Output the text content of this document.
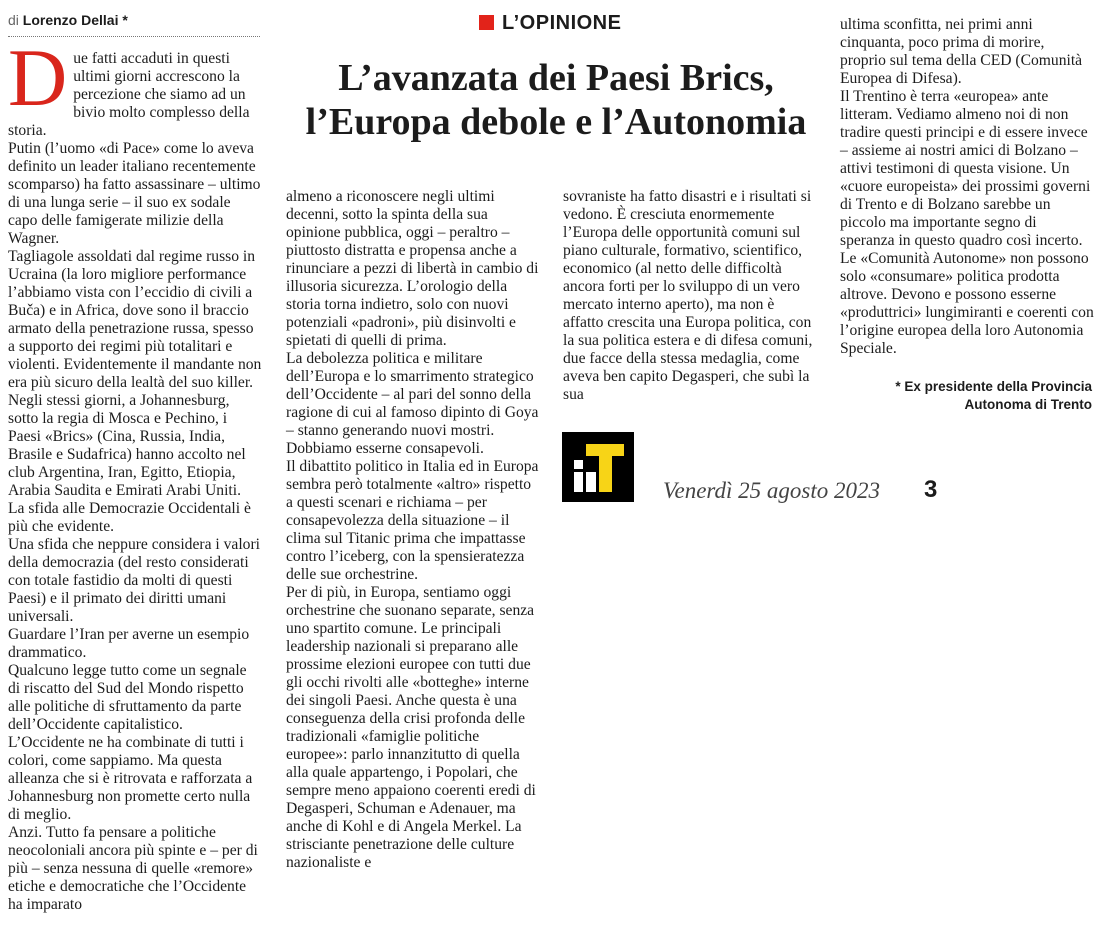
di Lorenzo Dellai *	L’OPINIONE
L’avanzata dei Paesi Brics,
l’Europa debole e l’Autonomia

Due fatti accaduti in questi ultimi giorni accrescono la percezione che siamo ad un bivio molto complesso della storia.

Putin (l’uomo «di Pace» come lo aveva definito un leader italiano recentemente scomparso) ha fatto assassinare – ultimo di una lunga serie – il suo ex sodale capo delle famigerate milizie della Wagner.

Tagliagole assoldati dal regime russo in Ucraina (la loro migliore performance l’abbiamo vista con l’eccidio di civili a Buča) e in Africa, dove sono il braccio armato della penetrazione russa, spesso a supporto dei regimi più totalitari e violenti. Evidentemente il mandante non era più sicuro della lealtà del suo killer.

Negli stessi giorni, a Johannesburg, sotto la regia di Mosca e Pechino, i Paesi «Brics» (Cina, Russia, India, Brasile e Sudafrica) hanno accolto nel club Argentina, Iran, Egitto, Etiopia, Arabia Saudita e Emirati Arabi Uniti.

La sfida alle Democrazie Occidentali è più che evidente.

Una sfida che neppure considera i valori della democrazia (del resto considerati con totale fastidio da molti di questi Paesi) e il primato dei diritti umani universali.

Guardare l’Iran per averne un esempio drammatico.

Qualcuno legge tutto come un segnale di riscatto del Sud del Mondo rispetto alle politiche di sfruttamento da parte dell’Occidente capitalistico.

L’Occidente ne ha combinate di tutti i colori, come sappiamo. Ma questa alleanza che si è ritrovata e rafforzata a Johannesburg non promette certo nulla di meglio.

Anzi. Tutto fa pensare a politiche neocoloniali ancora più spinte e – per di più – senza nessuna di quelle «remore» etiche e democratiche che l’Occidente ha imparato

almeno a riconoscere negli ultimi decenni, sotto la spinta della sua opinione pubblica, oggi – peraltro – piuttosto distratta e propensa anche a rinunciare a pezzi di libertà in cambio di illusoria sicurezza. L’orologio della storia torna indietro, solo con nuovi potenziali «padroni», più disinvolti e spietati di quelli di prima.

La debolezza politica e militare dell’Europa e lo smarrimento strategico dell’Occidente – al pari del sonno della ragione di cui al famoso dipinto di Goya – stanno generando nuovi mostri.

Dobbiamo esserne consapevoli.

Il dibattito politico in Italia ed in Europa sembra però totalmente «altro» rispetto a questi scenari e richiama – per consapevolezza della situazione – il clima sul Titanic prima che impattasse contro l’iceberg, con la spensieratezza delle sue orchestrine.

Per di più, in Europa, sentiamo oggi orchestrine che suonano separate, senza uno spartito comune. Le principali leadership nazionali si preparano alle prossime elezioni europee con tutti due gli occhi rivolti alle «botteghe» interne dei singoli Paesi. Anche questa è una conseguenza della crisi profonda delle tradizionali «famiglie politiche europee»: parlo innanzitutto di quella alla quale appartengo, i Popolari, che sempre meno appaiono coerenti eredi di Degasperi, Schuman e Adenauer, ma anche di Kohl e di Angela Merkel. La strisciante penetrazione delle culture nazionaliste e

sovraniste ha fatto disastri e i risultati si vedono. È cresciuta enormemente l’Europa delle opportunità comuni sul piano culturale, formativo, scientifico, economico (al netto delle difficoltà ancora forti per lo sviluppo di un vero mercato interno aperto), ma non è affatto crescita una Europa politica, con la sua politica estera e di difesa comuni, due facce della stessa medaglia, come aveva ben capito Degasperi, che subì la sua

ultima sconfitta, nei primi anni cinquanta, poco prima di morire, proprio sul tema della CED (Comunità Europea di Difesa).

Il Trentino è terra «europea» ante litteram. Vediamo almeno noi di non tradire questi principi e di essere invece – assieme ai nostri amici di Bolzano – attivi testimoni di questa visione. Un «cuore europeista» dei prossimi governi di Trento e di Bolzano sarebbe un piccolo ma importante segno di speranza in questo quadro così incerto. Le «Comunità Autonome» non possono solo «consumare» politica prodotta altrove. Devono e possono esserne «produttrici» lungimiranti e coerenti con l’origine europea della loro Autonomia Speciale.

* Ex presidente della Provincia
Autonoma di Trento
Venerdì 25 agosto 2023 3
